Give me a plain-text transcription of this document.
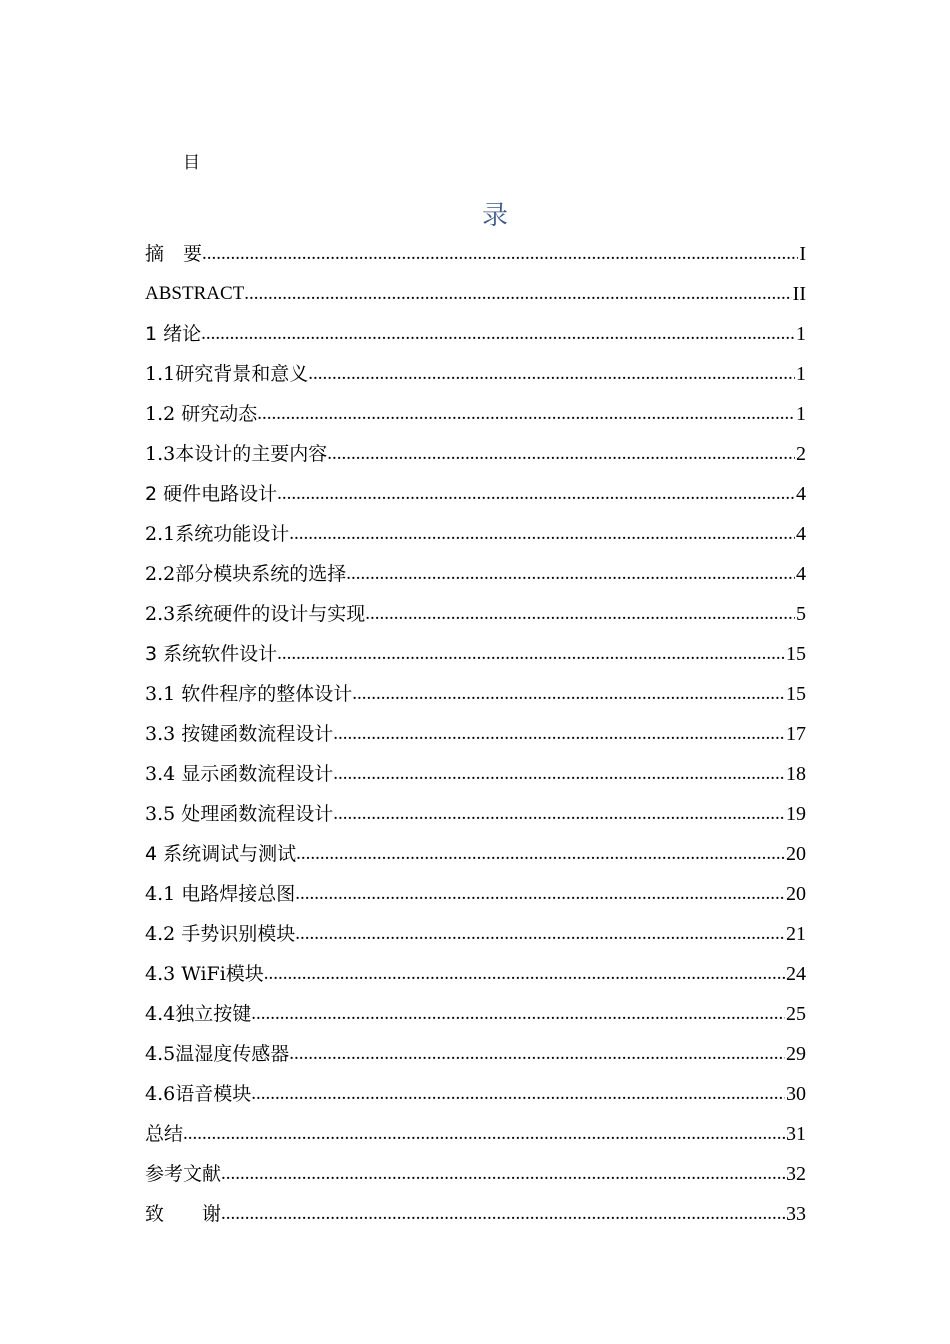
目
录
摘　要 .....	I
ABSTRACT .....	II
1 绪论 .....	1
1.1研究背景和意义 .....	1
1.2 研究动态 .....	1
1.3本设计的主要内容 .....	2
2 硬件电路设计 .....	4
2.1系统功能设计 .....	4
2.2部分模块系统的选择 .....	4
2.3系统硬件的设计与实现 .....	5
3 系统软件设计 .....	15
3.1 软件程序的整体设计 .....	15
3.3 按键函数流程设计 .....	17
3.4 显示函数流程设计 .....	18
3.5 处理函数流程设计 .....	19
4 系统调试与测试 .....	20
4.1 电路焊接总图 .....	20
4.2 手势识别模块 .....	21
4.3 WiFi模块 .....	24
4.4独立按键 .....	25
4.5温湿度传感器 .....	29
4.6语音模块 .....	30
总结 .....	31
参考文献 .....	32
致　　谢 .....	33
